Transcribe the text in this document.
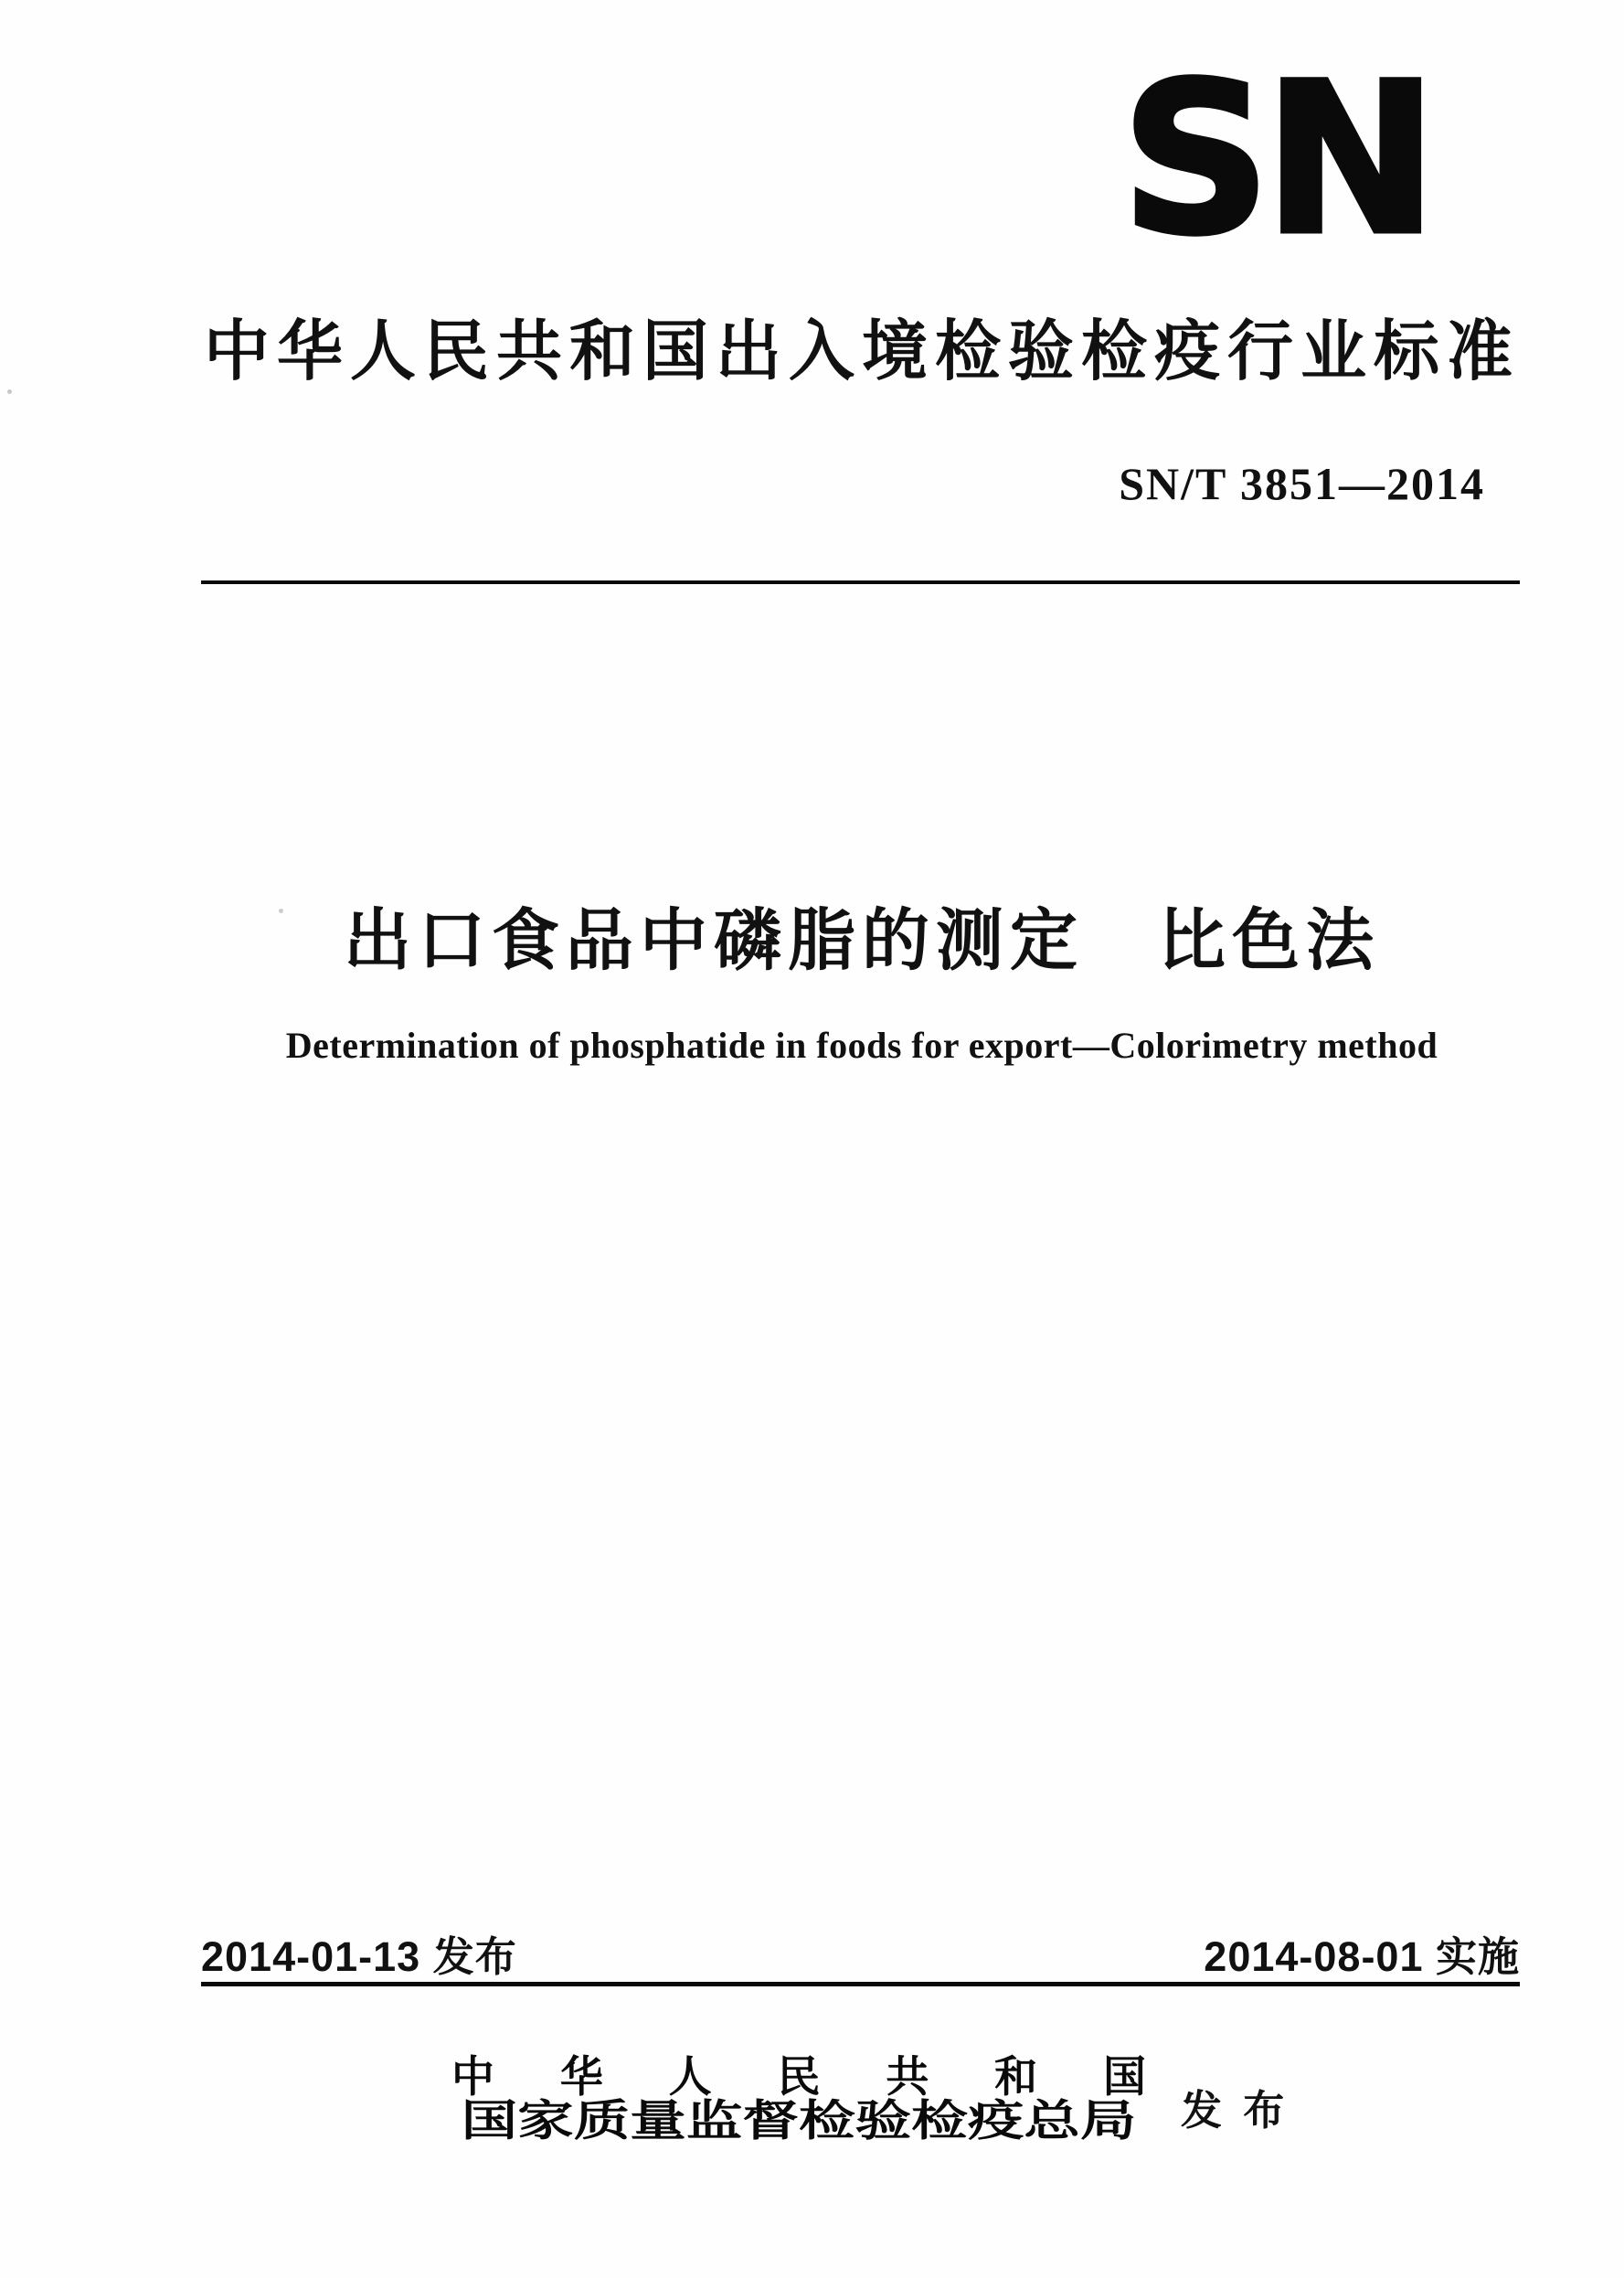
SN
中华人民共和国出入境检验检疫行业标准
SN/T 3851—2014
出口食品中磷脂的测定　比色法
Determination of phosphatide in foods for export—Colorimetry method
2014-01-13 发布	2014-08-01 实施
中 华 人 民 共 和 国
国家质量监督检验检疫总局 发 布
